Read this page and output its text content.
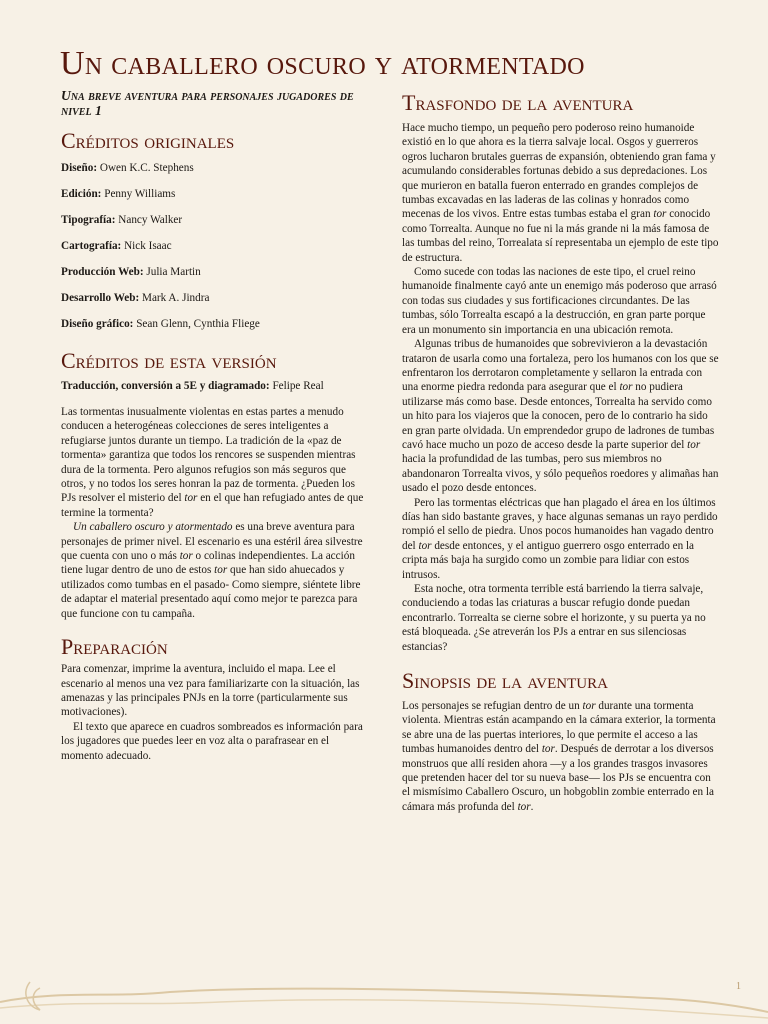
Un caballero oscuro y atormentado

Una breve aventura para personajes jugadores de nivel 1

Créditos originales

Diseño: Owen K.C. Stephens

Edición: Penny Williams

Tipografía: Nancy Walker

Cartografía: Nick Isaac

Producción Web: Julia Martin

Desarrollo Web: Mark A. Jindra

Diseño gráfico: Sean Glenn, Cynthia Fliege

Créditos de esta versión

Traducción, conversión a 5E y diagramado: Felipe Real

Las tormentas inusualmente violentas en estas partes a menudo conducen a heterogéneas colecciones de seres inteligentes a refugiarse juntos durante un tiempo. La tradición de la «paz de tormenta» garantiza que todos los rencores se suspenden mientras dura de la tormenta. Pero algunos refugios son más seguros que otros, y no todos los seres honran la paz de tormenta. ¿Pueden los PJs resolver el misterio del tor en el que han refugiado antes de que termine la tormenta?

Un caballero oscuro y atormentado es una breve aventura para personajes de primer nivel. El escenario es una estéril área silvestre que cuenta con uno o más tor o colinas independientes. La acción tiene lugar dentro de uno de estos tor que han sido ahuecados y utilizados como tumbas en el pasado- Como siempre, siéntete libre de adaptar el material presentado aquí como mejor te parezca para que funcione con tu campaña.

Preparación

Para comenzar, imprime la aventura, incluido el mapa. Lee el escenario al menos una vez para familiarizarte con la situación, las amenazas y las principales PNJs en la torre (particularmente sus motivaciones).

El texto que aparece en cuadros sombreados es información para los jugadores que puedes leer en voz alta o parafrasear en el momento adecuado.

Trasfondo de la aventura

Hace mucho tiempo, un pequeño pero poderoso reino humanoide existió en lo que ahora es la tierra salvaje local. Osgos y guerreros ogros lucharon brutales guerras de expansión, obteniendo gran fama y acumulando considerables fortunas debido a sus depredaciones. Los que murieron en batalla fueron enterrado en grandes complejos de tumbas excavadas en las laderas de las colinas y honrados como mecenas de los vivos. Entre estas tumbas estaba el gran tor conocido como Torrealta. Aunque no fue ni la más grande ni la más famosa de las tumbas del reino, Torrealata sí representaba un ejemplo de este tipo de estructura.

Como sucede con todas las naciones de este tipo, el cruel reino humanoide finalmente cayó ante un enemigo más poderoso que arrasó con todas sus ciudades y sus fortificaciones circundantes. De las tumbas, sólo Torrealta escapó a la destrucción, en gran parte porque era un monumento sin importancia en una ubicación remota.

Algunas tribus de humanoides que sobrevivieron a la devastación trataron de usarla como una fortaleza, pero los humanos con los que se enfrentaron los derrotaron completamente y sellaron la entrada con una enorme piedra redonda para asegurar que el tor no pudiera utilizarse más como base. Desde entonces, Torrealta ha servido como un hito para los viajeros que la conocen, pero de lo contrario ha sido en gran parte olvidada. Un emprendedor grupo de ladrones de tumbas cavó hace mucho un pozo de acceso desde la parte superior del tor hacia la profundidad de las tumbas, pero sus miembros no abandonaron Torrealta vivos, y sólo pequeños roedores y alimañas han usado el pozo desde entonces.

Pero las tormentas eléctricas que han plagado el área en los últimos días han sido bastante graves, y hace algunas semanas un rayo perdido rompió el sello de piedra. Unos pocos humanoides han vagado dentro del tor desde entonces, y el antiguo guerrero osgo enterrado en la cripta más baja ha surgido como un zombie para lidiar con estos intrusos.

Esta noche, otra tormenta terrible está barriendo la tierra salvaje, conduciendo a todas las criaturas a buscar refugio donde puedan encontrarlo. Torrealta se cierne sobre el horizonte, y su puerta ya no está bloqueada. ¿Se atreverán los PJs a entrar en sus silenciosas estancias?

Sinopsis de la aventura

Los personajes se refugian dentro de un tor durante una tormenta violenta. Mientras están acampando en la cámara exterior, la tormenta se abre una de las puertas interiores, lo que permite el acceso a las tumbas humanoides dentro del tor. Después de derrotar a los diversos monstruos que allí residen ahora —y a los grandes trasgos invasores que pretenden hacer del tor su nueva base— los PJs se encuentra con el mismísimo Caballero Oscuro, un hobgoblin zombie enterrado en la cámara más profunda del tor.

1
